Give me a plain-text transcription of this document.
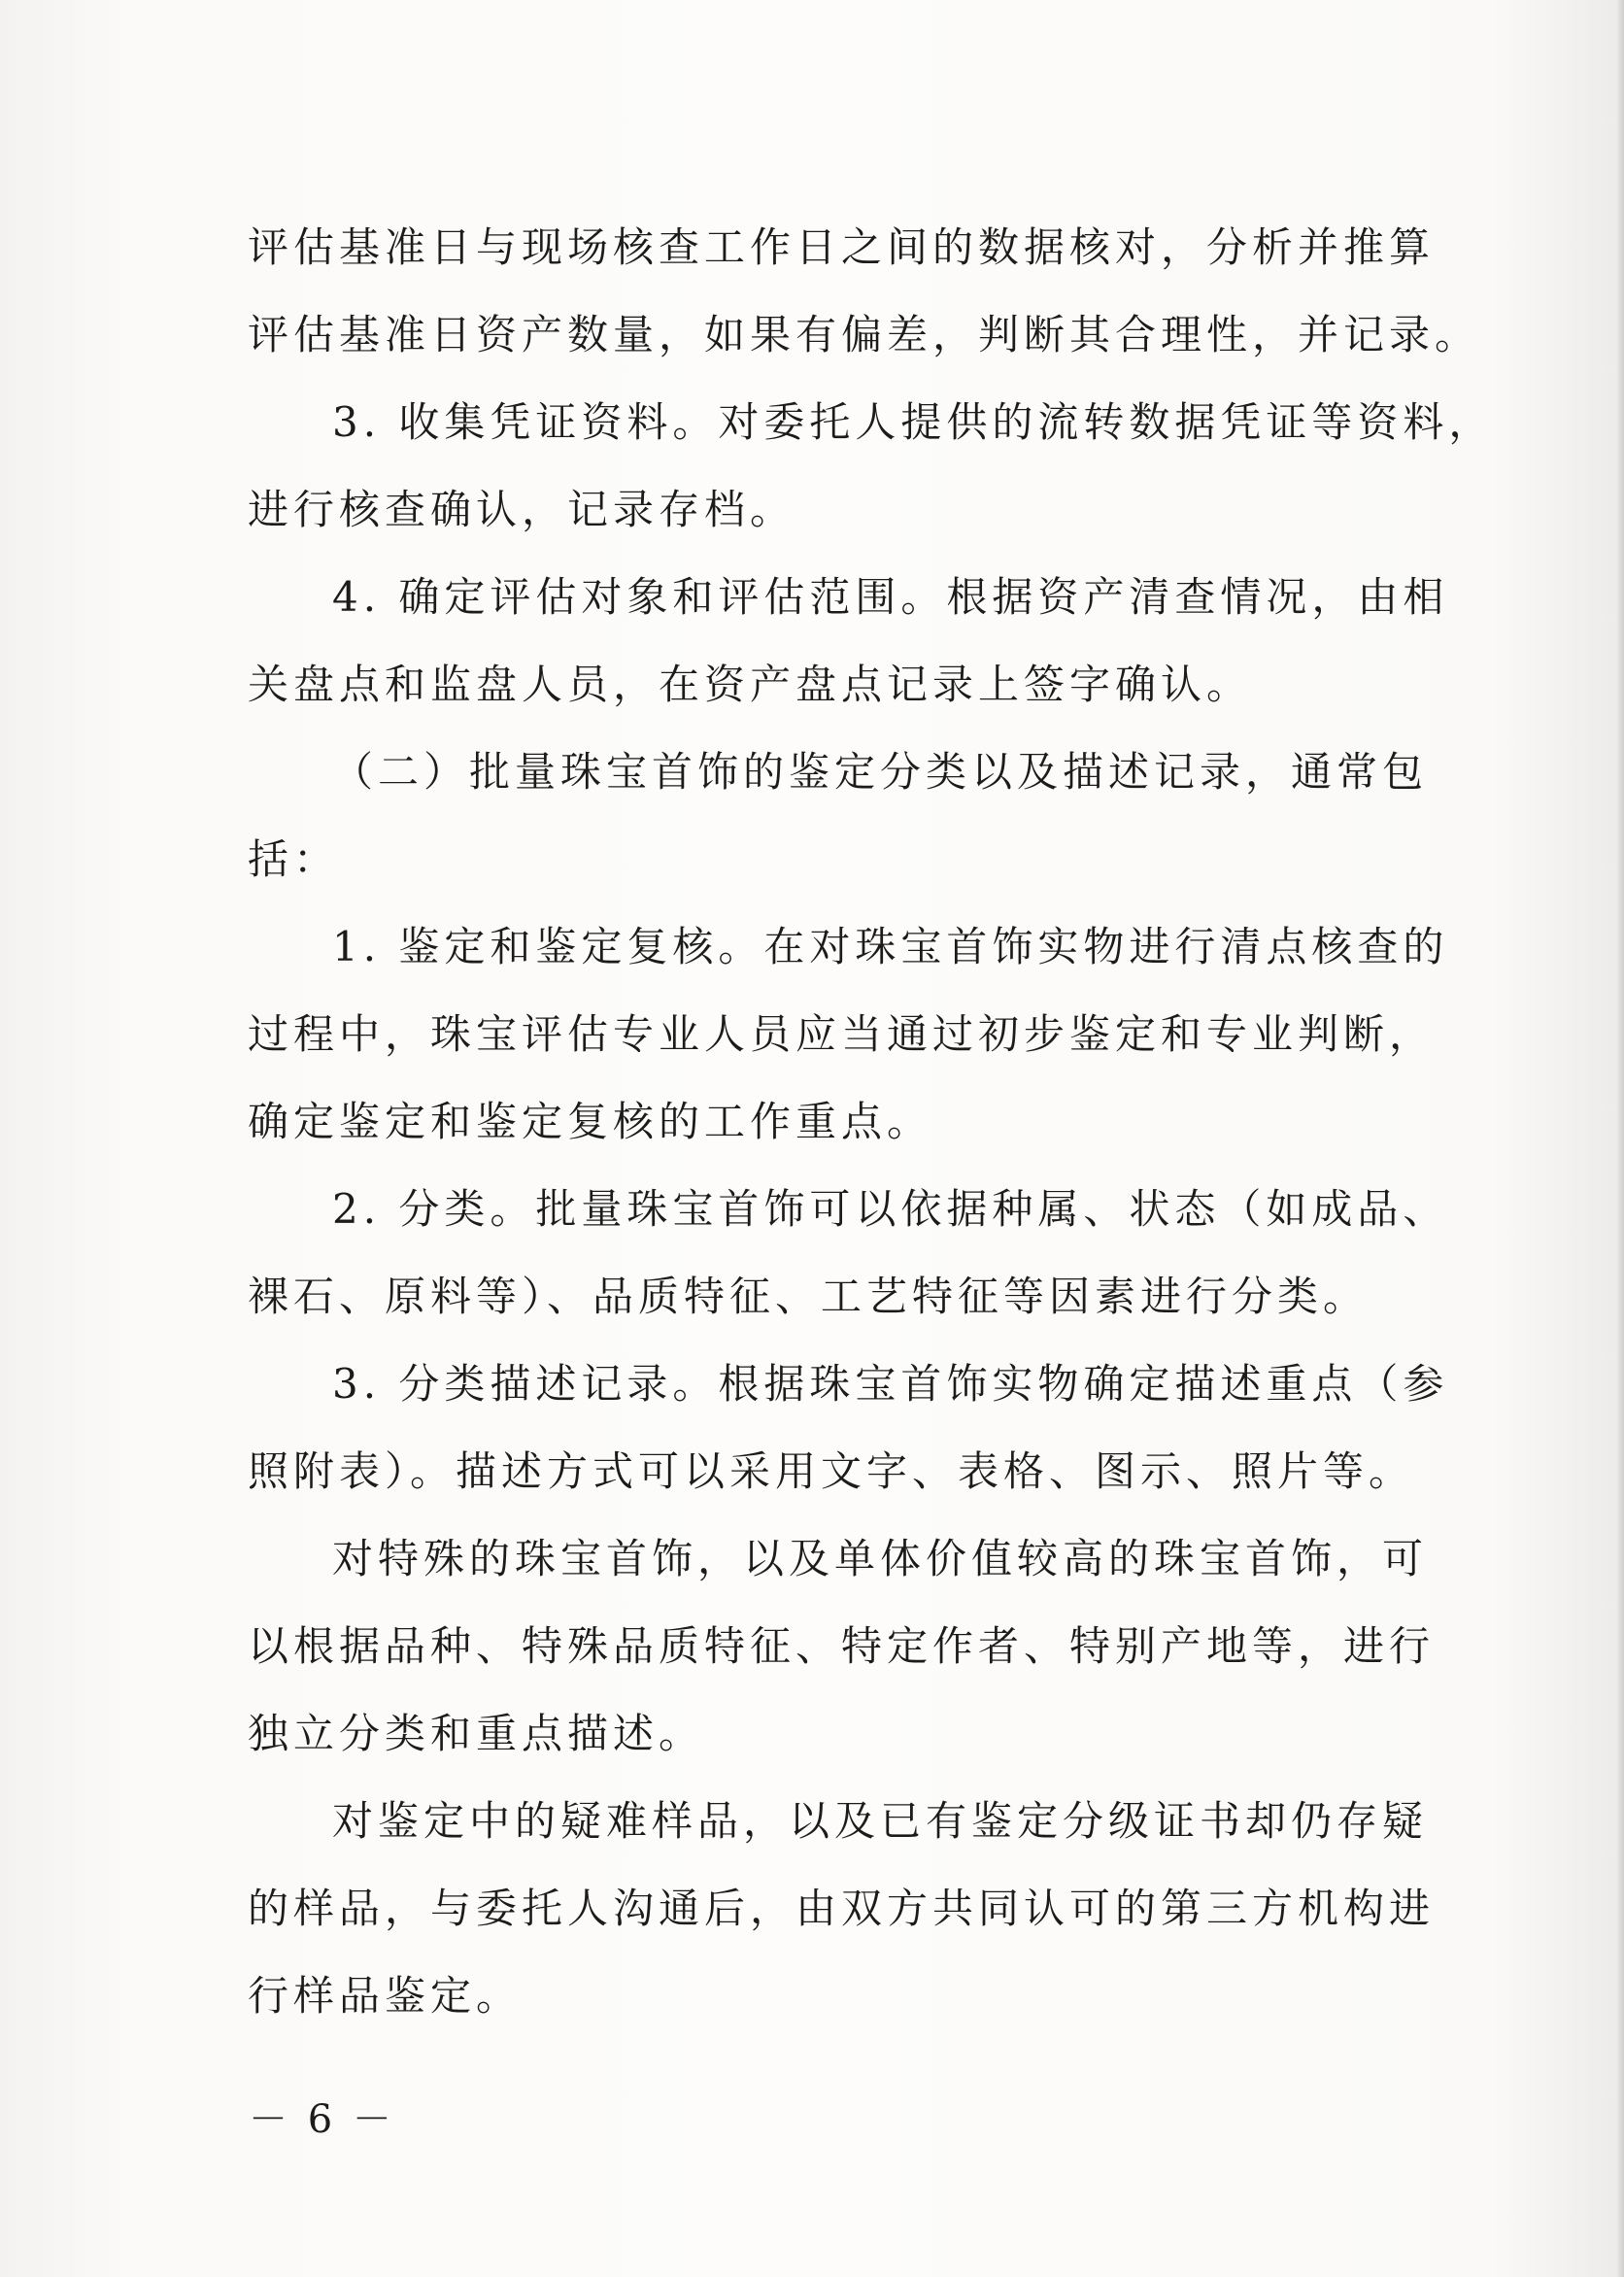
评估基准日与现场核查工作日之间的数据核对，分析并推算
评估基准日资产数量，如果有偏差，判断其合理性，并记录。
3. 收集凭证资料。对委托人提供的流转数据凭证等资料，
进行核查确认，记录存档。
4. 确定评估对象和评估范围。根据资产清查情况，由相
关盘点和监盘人员，在资产盘点记录上签字确认。
（二）批量珠宝首饰的鉴定分类以及描述记录，通常包
括：
1. 鉴定和鉴定复核。在对珠宝首饰实物进行清点核查的
过程中，珠宝评估专业人员应当通过初步鉴定和专业判断，
确定鉴定和鉴定复核的工作重点。
2. 分类。批量珠宝首饰可以依据种属、状态（如成品、
裸石、原料等）、品质特征、工艺特征等因素进行分类。
3. 分类描述记录。根据珠宝首饰实物确定描述重点（参
照附表）。描述方式可以采用文字、表格、图示、照片等。
对特殊的珠宝首饰，以及单体价值较高的珠宝首饰，可
以根据品种、特殊品质特征、特定作者、特别产地等，进行
独立分类和重点描述。
对鉴定中的疑难样品，以及已有鉴定分级证书却仍存疑
的样品，与委托人沟通后，由双方共同认可的第三方机构进
行样品鉴定。
－ 6 －
